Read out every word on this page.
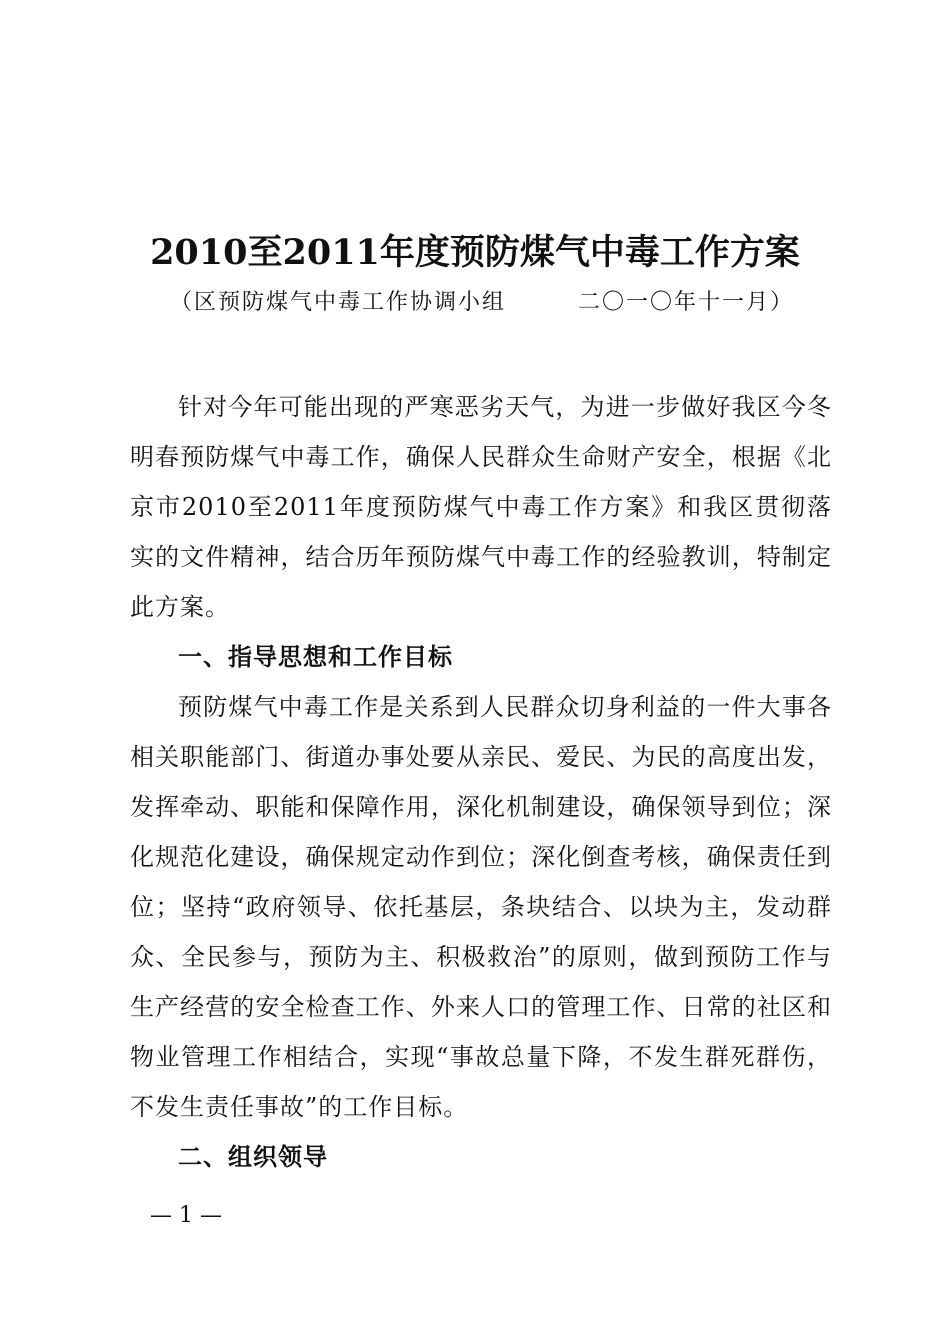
2010至2011年度预防煤气中毒工作方案
（区预防煤气中毒工作协调小组        二〇一〇年十一月）

针对今年可能出现的严寒恶劣天气，为进一步做好我区今冬明春预防煤气中毒工作，确保人民群众生命财产安全，根据《北京市2010至2011年度预防煤气中毒工作方案》和我区贯彻落实的文件精神，结合历年预防煤气中毒工作的经验教训，特制定此方案。

一、指导思想和工作目标

预防煤气中毒工作是关系到人民群众切身利益的一件大事各相关职能部门、街道办事处要从亲民、爱民、为民的高度出发，发挥牵动、职能和保障作用，深化机制建设，确保领导到位；深化规范化建设，确保规定动作到位；深化倒查考核，确保责任到位；坚持“政府领导、依托基层，条块结合、以块为主，发动群众、全民参与，预防为主、积极救治”的原则，做到预防工作与生产经营的安全检查工作、外来人口的管理工作、日常的社区和物业管理工作相结合，实现“事故总量下降，不发生群死群伤，不发生责任事故”的工作目标。

二、组织领导

— 1 —
